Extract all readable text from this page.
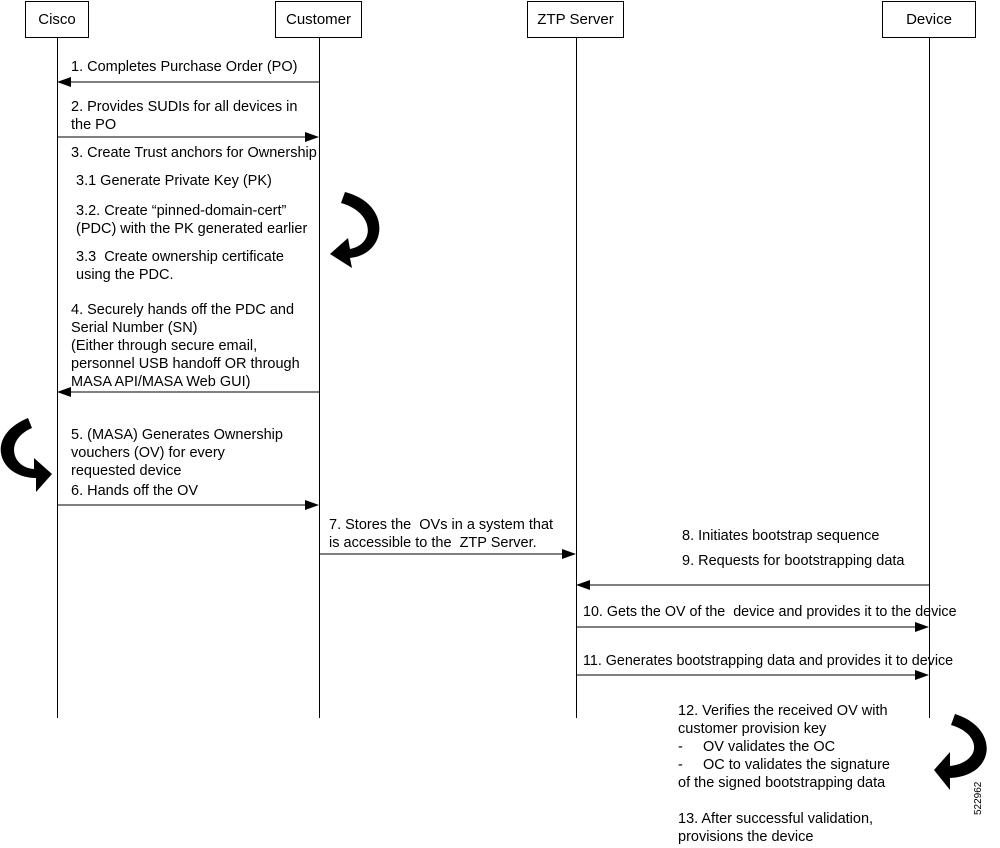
Cisco	Customer	ZTP Server	Device
1. Completes Purchase Order (PO)
2. Provides SUDIs for all devices in
the PO
3. Create Trust anchors for Ownership
3.1 Generate Private Key (PK)
3.2. Create “pinned-domain-cert”
(PDC) with the PK generated earlier
3.3  Create ownership certificate
using the PDC.
4. Securely hands off the PDC and
Serial Number (SN)
(Either through secure email,
personnel USB handoff OR through
MASA API/MASA Web GUI)
5. (MASA) Generates Ownership
vouchers (OV) for every
requested device
6. Hands off the OV
7. Stores the  OVs in a system that
is accessible to the  ZTP Server.	8. Initiates bootstrap sequence
9. Requests for bootstrapping data
10. Gets the OV of the  device and provides it to the device
11. Generates bootstrapping data and provides it to device
12. Verifies the received OV with
customer provision key
-     OV validates the OC
-     OC to validates the signature
of the signed bootstrapping data
13. After successful validation,
provisions the device
522962
